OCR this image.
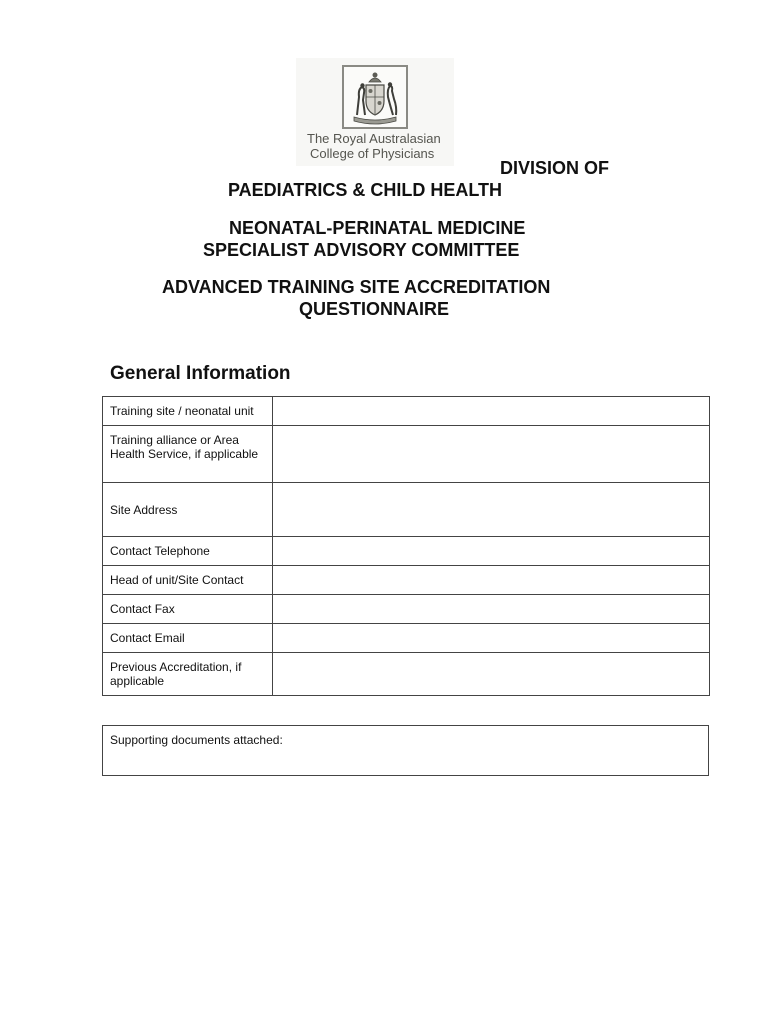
The Royal Australasian
College of Physicians
DIVISION OF
PAEDIATRICS & CHILD HEALTH
NEONATAL-PERINATAL MEDICINE
SPECIALIST ADVISORY COMMITTEE
ADVANCED TRAINING SITE ACCREDITATION
QUESTIONNAIRE
General Information
Training site / neonatal unit	
Training alliance or Area Health Service, if applicable	
Site Address	
Contact Telephone	
Head of unit/Site Contact	
Contact Fax	
Contact Email	
Previous Accreditation, if applicable	
Supporting documents attached:
